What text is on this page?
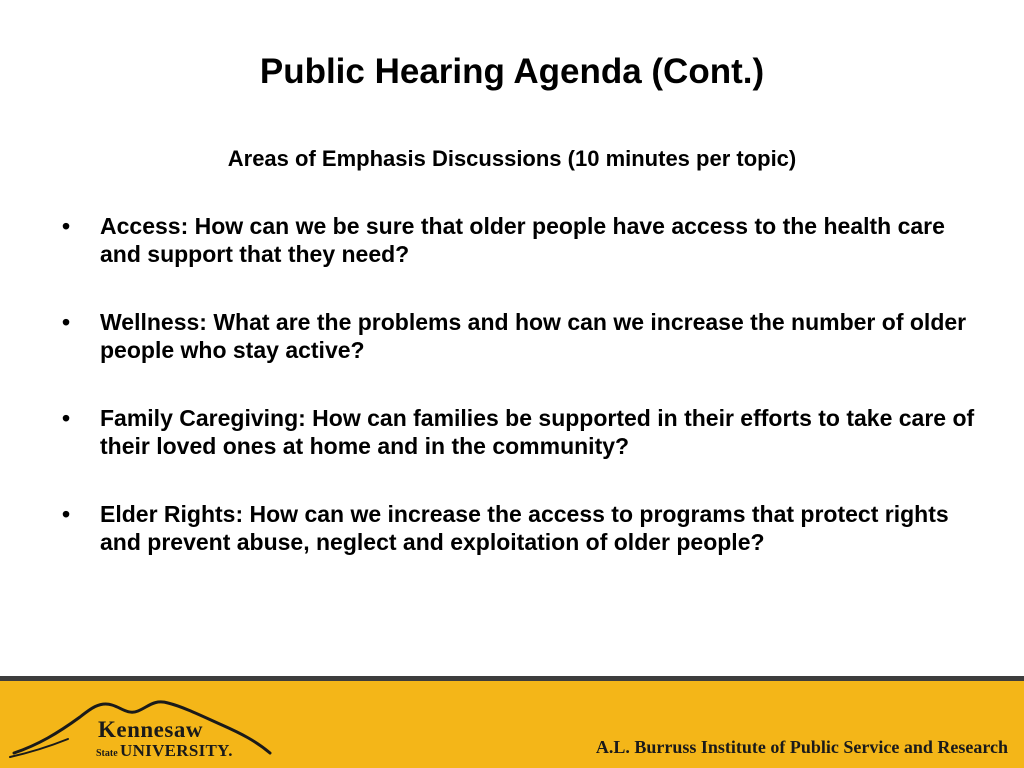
Public Hearing Agenda (Cont.)
Areas of Emphasis Discussions (10 minutes per topic)
• Access: How can we be sure that older people have access to the health care and support that they need?
• Wellness: What are the problems and how can we increase the number of older people who stay active?
• Family Caregiving: How can families be supported in their efforts to take care of their loved ones at home and in the community?
• Elder Rights: How can we increase the access to programs that protect rights and prevent abuse, neglect and exploitation of older people?
Kennesaw
State UNIVERSITY.	A.L. Burruss Institute of Public Service and Research
